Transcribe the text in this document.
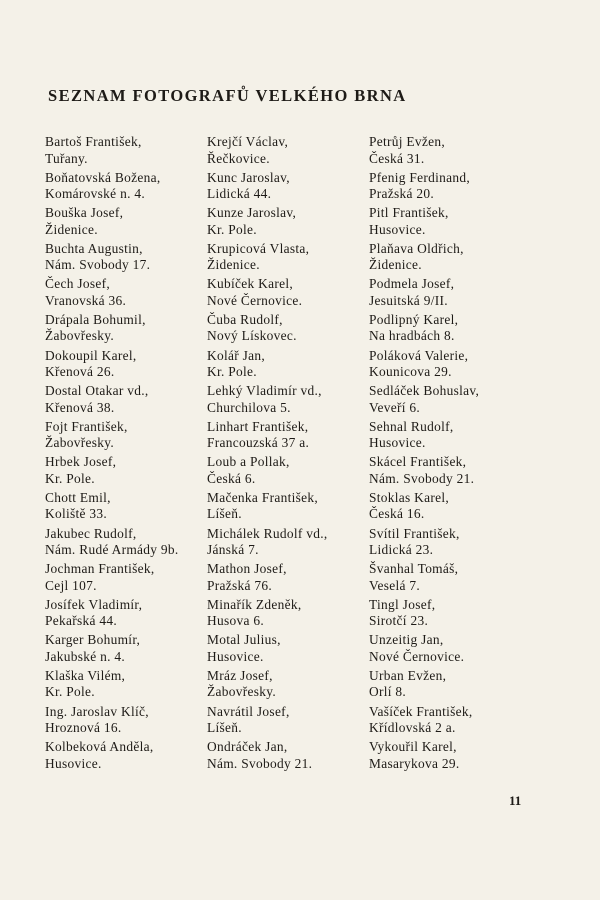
SEZNAM FOTOGRAFŮ VELKÉHO BRNA
Bartoš František,
Tuřany.
Boňatovská Božena,
Komárovské n. 4.
Bouška Josef,
Židenice.
Buchta Augustin,
Nám. Svobody 17.
Čech Josef,
Vranovská 36.
Drápala Bohumil,
Žabovřesky.
Dokoupil Karel,
Křenová 26.
Dostal Otakar vd.,
Křenová 38.
Fojt František,
Žabovřesky.
Hrbek Josef,
Kr. Pole.
Chott Emil,
Koliště 33.
Jakubec Rudolf,
Nám. Rudé Armády 9b.
Jochman František,
Cejl 107.
Josífek Vladimír,
Pekařská 44.
Karger Bohumír,
Jakubské n. 4.
Klaška Vilém,
Kr. Pole.
Ing. Jaroslav Klíč,
Hroznová 16.
Kolbeková Anděla,
Husovice.
Krejčí Václav,
Řečkovice.
Kunc Jaroslav,
Lidická 44.
Kunze Jaroslav,
Kr. Pole.
Krupicová Vlasta,
Židenice.
Kubíček Karel,
Nové Černovice.
Čuba Rudolf,
Nový Lískovec.
Kolář Jan,
Kr. Pole.
Lehký Vladimír vd.,
Churchilova 5.
Linhart František,
Francouzská 37 a.
Loub a Pollak,
Česká 6.
Mačenka František,
Líšeň.
Michálek Rudolf vd.,
Jánská 7.
Mathon Josef,
Pražská 76.
Minařík Zdeněk,
Husova 6.
Motal Julius,
Husovice.
Mráz Josef,
Žabovřesky.
Navrátil Josef,
Líšeň.
Ondráček Jan,
Nám. Svobody 21.
Petrůj Evžen,
Česká 31.
Pfenig Ferdinand,
Pražská 20.
Pitl František,
Husovice.
Plaňava Oldřich,
Židenice.
Podmela Josef,
Jesuitská 9/II.
Podlipný Karel,
Na hradbách 8.
Poláková Valerie,
Kounicova 29.
Sedláček Bohuslav,
Veveří 6.
Sehnal Rudolf,
Husovice.
Skácel František,
Nám. Svobody 21.
Stoklas Karel,
Česká 16.
Svítil František,
Lidická 23.
Švanhal Tomáš,
Veselá 7.
Tingl Josef,
Sirotčí 23.
Unzeitig Jan,
Nové Černovice.
Urban Evžen,
Orlí 8.
Vašíček František,
Křídlovská 2 a.
Vykouřil Karel,
Masarykova 29.
11
